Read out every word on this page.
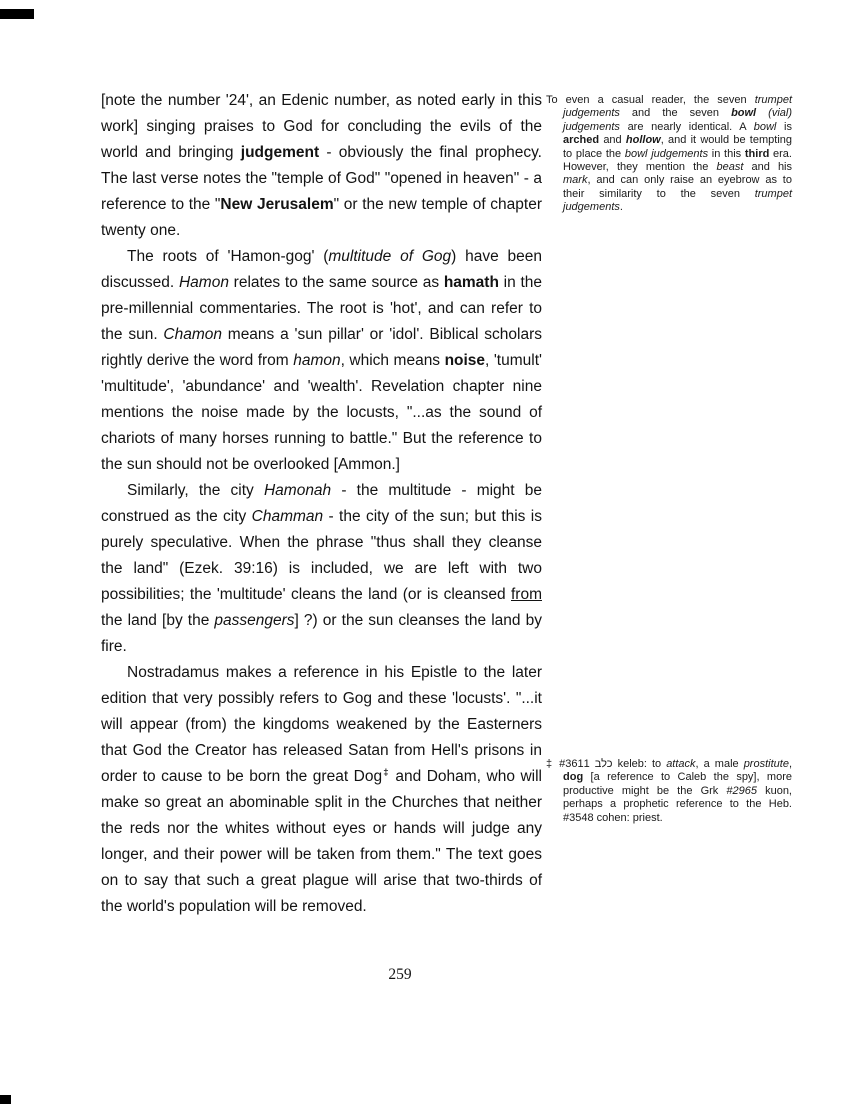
[note the number '24', an Edenic number, as noted early in this work] singing praises to God for concluding the evils of the world and bringing judgement - obviously the final prophecy. The last verse notes the "temple of God" "opened in heaven" - a reference to the "New Jerusalem" or the new temple of chapter twenty one.

The roots of 'Hamon-gog' (multitude of Gog) have been discussed. Hamon relates to the same source as hamath in the pre-millennial commentaries. The root is 'hot', and can refer to the sun. Chamon means a 'sun pillar' or 'idol'. Biblical scholars rightly derive the word from hamon, which means noise, 'tumult' 'multitude', 'abundance' and 'wealth'. Revelation chapter nine mentions the noise made by the locusts, "...as the sound of chariots of many horses running to battle." But the reference to the sun should not be overlooked [Ammon.]

Similarly, the city Hamonah - the multitude - might be construed as the city Chamman - the city of the sun; but this is purely speculative. When the phrase "thus shall they cleanse the land" (Ezek. 39:16) is included, we are left with two possibilities; the 'multitude' cleans the land (or is cleansed from the land [by the passengers] ?) or the sun cleanses the land by fire.

Nostradamus makes a reference in his Epistle to the later edition that very possibly refers to Gog and these 'locusts'. "...it will appear (from) the kingdoms weakened by the Easterners that God the Creator has released Satan from Hell's prisons in order to cause to be born the great Dog‡ and Doham, who will make so great an abominable split in the Churches that neither the reds nor the whites without eyes or hands will judge any longer, and their power will be taken from them." The text goes on to say that such a great plague will arise that two-thirds of the world's population will be removed.

To even a casual reader, the seven trumpet judgements and the seven bowl (vial) judgements are nearly identical. A bowl is arched and hollow, and it would be tempting to place the bowl judgements in this third era. However, they mention the beast and his mark, and can only raise an eyebrow as to their similarity to the seven trumpet judgements.
‡ #3611 כלב keleb: to attack, a male prostitute, dog [a reference to Caleb the spy], more productive might be the Grk #2965 kuon, perhaps a prophetic reference to the Heb. #3548 cohen: priest.
259
